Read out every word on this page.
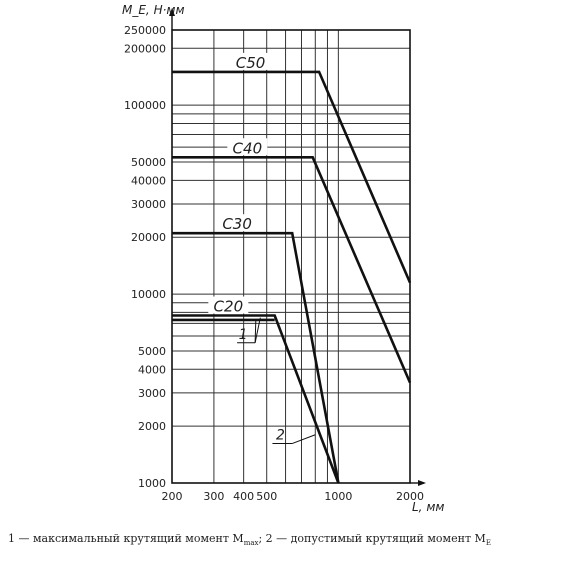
1000
2000
3000
4000
5000
10000
20000
30000
40000
50000
100000
200000
250000
200 300 400 500	1000	2000
M_E, Н·мм
L, мм
C50
C40
C30
C20
1
2
1 — максимальный крутящий момент $M_{max}$; 2 — допустимый крутящий момент $M_E$
